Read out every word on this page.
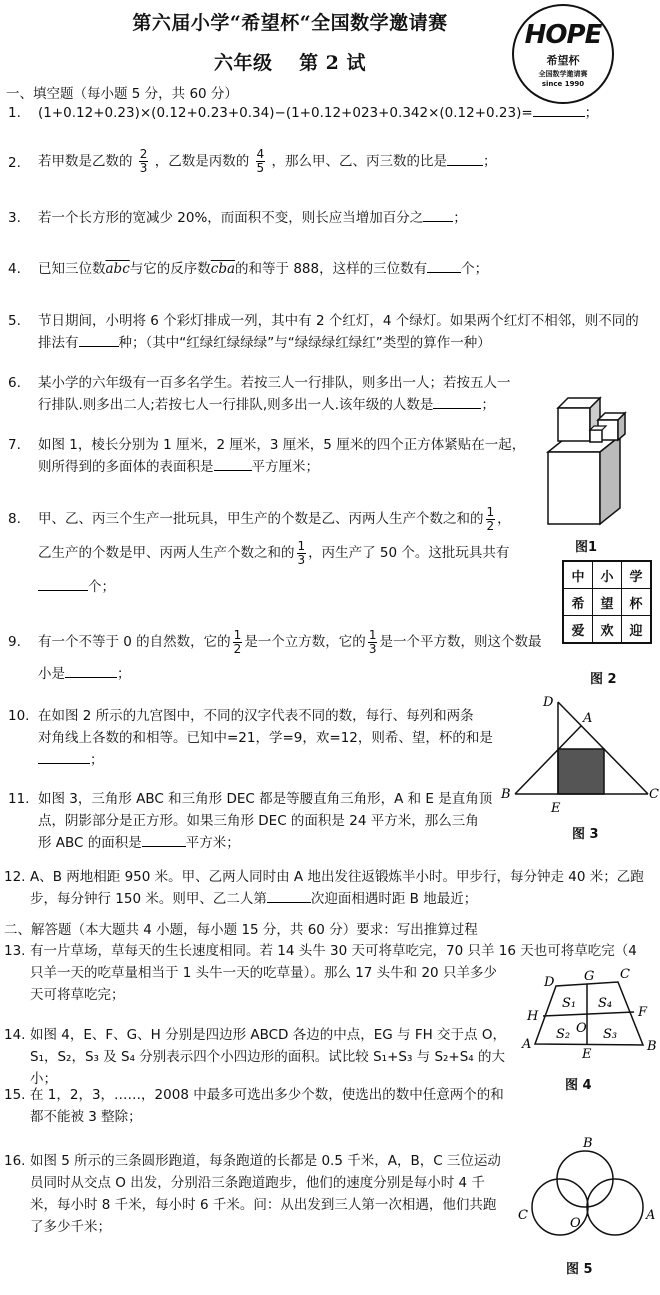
第六届小学“希望杯“全国数学邀请赛
六年级　 第 2 试
HOPE
希望杯
全国数学邀请赛
since 1990
一、填空题（每小题 5 分，共 60 分）
1. (1+0.12+0.23)×(0.12+0.23+0.34)−(1+0.12+023+0.342×(0.12+0.23)=	；
2. 若甲数是乙数的 $\frac{2}{3}$ ，乙数是丙数的 $\frac{4}{5}$ ，那么甲、乙、丙三数的比是	；
3. 若一个长方形的宽减少 20%，而面积不变，则长应当增加百分之 ；
4. 已知三位数$\overline{abc}$与它的反序数$\overline{cba}$的和等于 888，这样的三位数有	个；
5. 节日期间，小明将 6 个彩灯排成一列，其中有 2 个红灯，4 个绿灯。如果两个红灯不相邻，则不同的
排法有	种；（其中“红绿红绿绿绿”与“绿绿绿红绿红”类型的算作一种）
6. 某小学的六年级有一百多名学生。若按三人一行排队，则多出一人；若按五人一
行排队.则多出二人;若按七人一行排队,则多出一人.该年级的人数是	；
7. 如图 1，棱长分别为 1 厘米，2 厘米，3 厘米，5 厘米的四个正方体紧贴在一起，
则所得到的多面体的表面积是	平方厘米；
8. 甲、乙、丙三个生产一批玩具，甲生产的个数是乙、丙两人生产个数之和的 $\frac{1}{2}$ ，
乙生产的个数是甲、丙两人生产个数之和的 $\frac{1}{3}$ ，丙生产了 50 个。这批玩具共有
个；
9. 有一个不等于 0 的自然数，它的 $\frac{1}{2}$ 是一个立方数，它的 $\frac{1}{3}$ 是一个平方数，则这个数最
小是	；
10. 在如图 2 所示的九宫图中，不同的汉字代表不同的数，每行、每列和两条
对角线上各数的和相等。已知中=21，学=9，欢=12，则希、望，杯的和是
；
11. 如图 3，三角形 ABC 和三角形 DEC 都是等腰直角三角形，A 和 E 是直角顶
点，阴影部分是正方形。如果三角形 DEC 的面积是 24 平方米，那么三角
形 ABC 的面积是	平方米；
12. A、B 两地相距 950 米。甲、乙两人同时由 A 地出发往返锻炼半小时。甲步行，每分钟走 40 米；乙跑
步，每分钟行 150 米。则甲、乙二人第	次迎面相遇时距 B 地最近；
二、解答题（本大题共 4 小题，每小题 15 分，共 60 分）要求：写出推算过程
13. 有一片草场，草每天的生长速度相同。若 14 头牛 30 天可将草吃完，70 只羊 16 天也可将草吃完（4
只羊一天的吃草量相当于 1 头牛一天的吃草量）。那么 17 头牛和 20 只羊多少
天可将草吃完；
14. 如图 4，E、F、G、H 分别是四边形 ABCD 各边的中点，EG 与 FH 交于点 O，
S₁，S₂，S₃ 及 S₄ 分别表示四个小四边形的面积。试比较 S₁+S₃ 与 S₂+S₄ 的大小；
15. 在 1，2，3，……，2008 中最多可选出多少个数，使选出的数中任意两个的和
都不能被 3 整除；
16. 如图 5 所示的三条圆形跑道，每条跑道的长都是 0.5 千米，A，B，C 三位运动
员同时从交点 O 出发，分别沿三条跑道跑步，他们的速度分别是每小时 4 千
米，每小时 8 千米，每小时 6 千米。问：从出发到三人第一次相遇，他们共跑
了多少千米；
图1
中	小	学
希	望	杯
爱	欢	迎
图 2
D
A
B
E
C
图 3
D G C
H	F
A
E
B
O
S₁
S₂	S₃
S₄
图 4
B
C
O
A
图 5
